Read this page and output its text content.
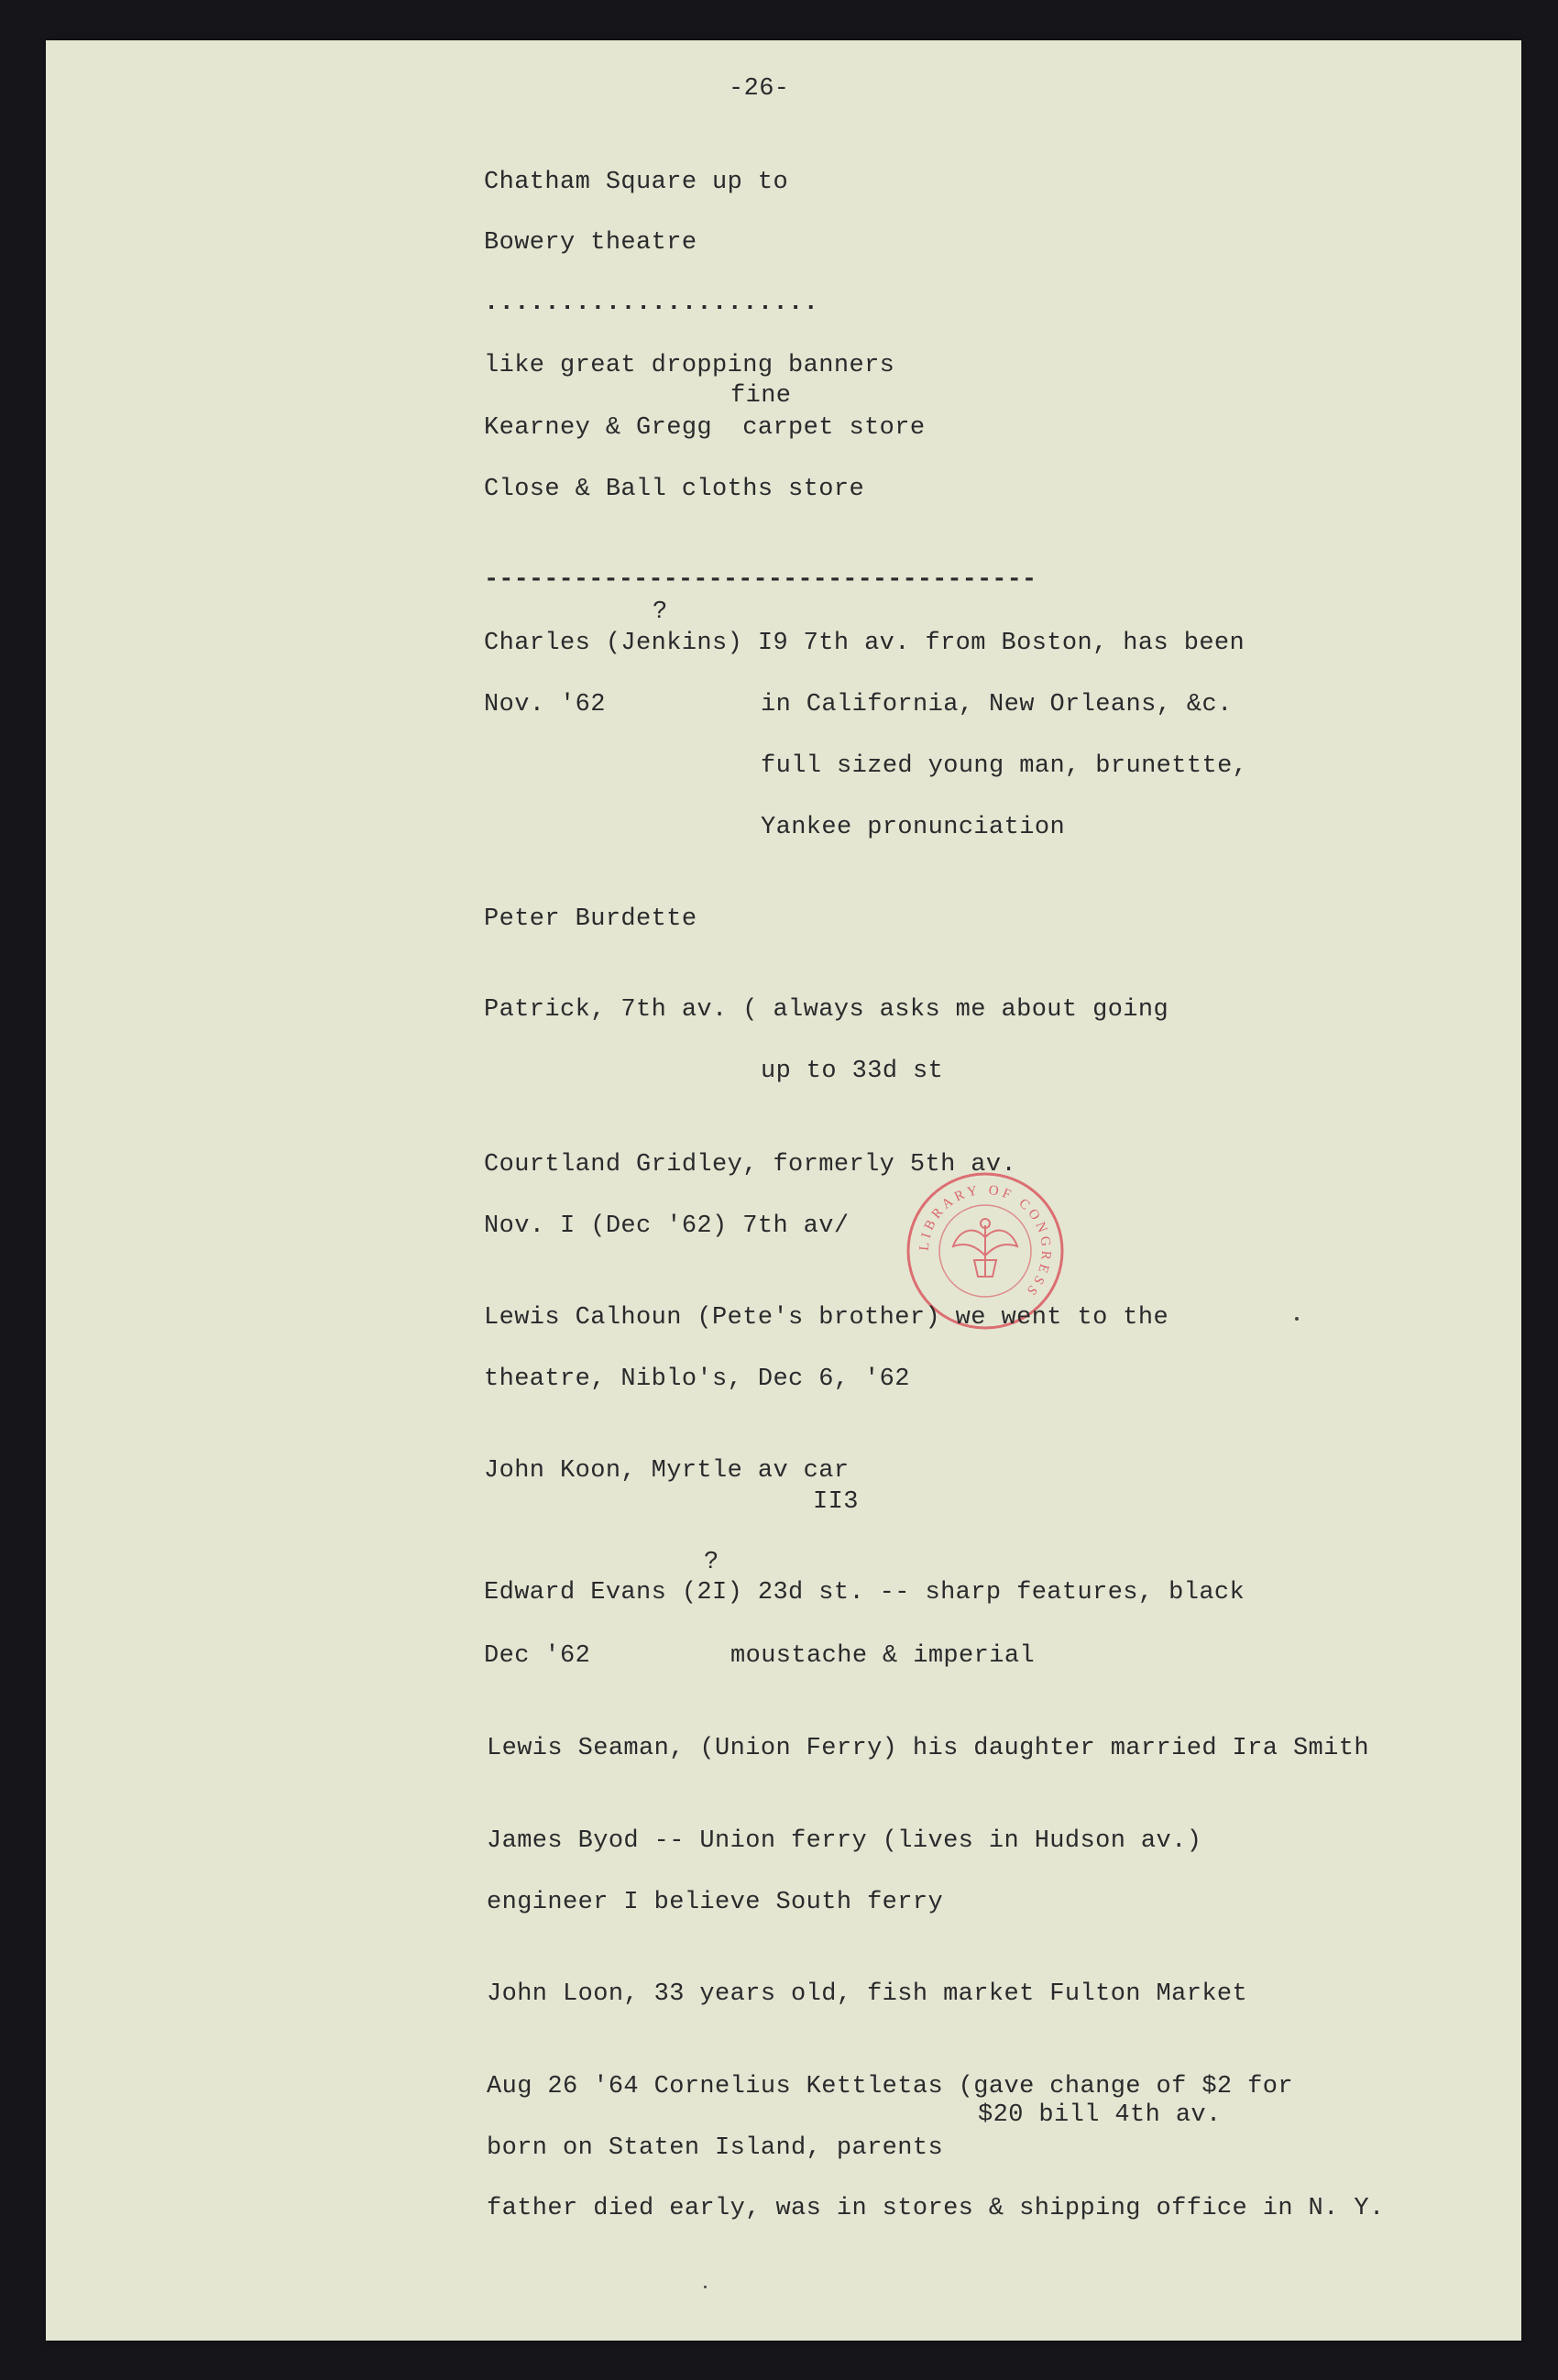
-26-
Chatham Square up to
Bowery theatre
......................
like great dropping banners
fine
Kearney & Gregg  carpet store
Close & Ball cloths store
-------------------------------------
?
Charles (Jenkins) I9 7th av. from Boston, has been
Nov. '62	in California, New Orleans, &c.
full sized young man, brunettte,
Yankee pronunciation
Peter Burdette
Patrick, 7th av. ( always asks me about going
up to 33d st
Courtland Gridley, formerly 5th av.
Nov. I (Dec '62) 7th av/
LIBRARY OF CONGRESS
Lewis Calhoun (Pete's brother) we went to the
theatre, Niblo's, Dec 6, '62
John Koon, Myrtle av car
II3
?
Edward Evans (2I) 23d st. -- sharp features, black
Dec '62	moustache & imperial
Lewis Seaman, (Union Ferry) his daughter married Ira Smith
James Byod -- Union ferry (lives in Hudson av.)
engineer I believe South ferry
John Loon, 33 years old, fish market Fulton Market
Aug 26 '64 Cornelius Kettletas (gave change of $2 for
$20 bill 4th av.
born on Staten Island, parents
father died early, was in stores & shipping office in N. Y.
